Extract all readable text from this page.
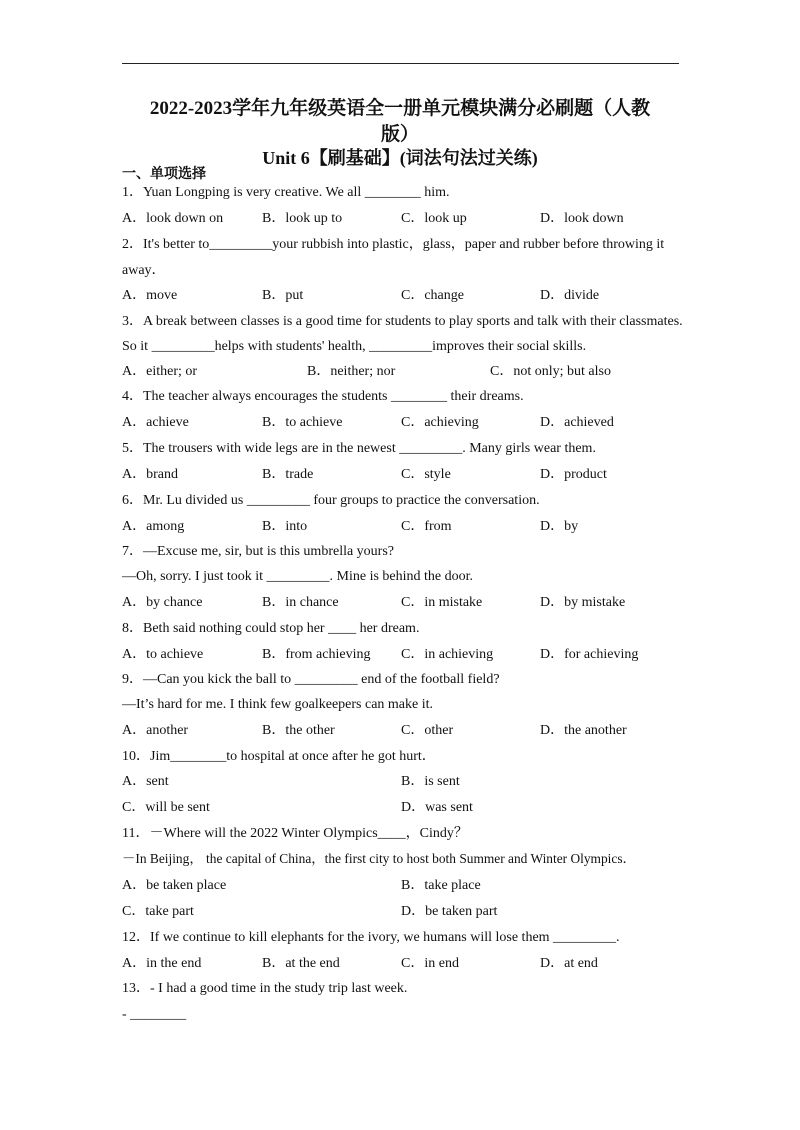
2022-2023学年九年级英语全一册单元模块满分必刷题（人教
版）
Unit 6【刷基础】(词法句法过关练)
一、单项选择
1．Yuan Longping is very creative. We all ________ him.
A．look down on	B．look up to	C．look up	D．look down
2．It's better to_________your rubbish into plastic，glass，paper and rubber before throwing it
away．
A．move	B．put	C．change	D．divide
3．A break between classes is a good time for students to play sports and talk with their classmates.
So it _________helps with students' health, _________improves their social skills.
A．either; or	B．neither; nor	C．not only; but also
4．The teacher always encourages the students ________ their dreams.
A．achieve	B．to achieve	C．achieving	D．achieved
5．The trousers with wide legs are in the newest _________. Many girls wear them.
A．brand	B．trade	C．style	D．product
6．Mr. Lu divided us _________ four groups to practice the conversation.
A．among	B．into	C．from	D．by
7．—Excuse me, sir, but is this umbrella yours?
—Oh, sorry. I just took it _________. Mine is behind the door.
A．by chance	B．in chance	C．in mistake	D．by mistake
8．Beth said nothing could stop her ____ her dream.
A．to achieve	B．from achieving C．in achieving	D．for achieving
9．—Can you kick the ball to _________ end of the football field?
—It’s hard for me. I think few goalkeepers can make it.
A．another	B．the other	C．other	D．the another
10．Jim________to hospital at once after he got hurt．
A．sent	B．is sent
C．will be sent	D．was sent
11．－Where will the 2022 Winter Olympics____，Cindy？
－In Beijing， the capital of China，the first city to host both Summer and Winter Olympics．
A．be taken place	B．take place
C．take part	D．be taken part
12．If we continue to kill elephants for the ivory, we humans will lose them _________.
A．in the end	B．at the end	C．in end	D．at end
13．- I had a good time in the study trip last week.
- ________
